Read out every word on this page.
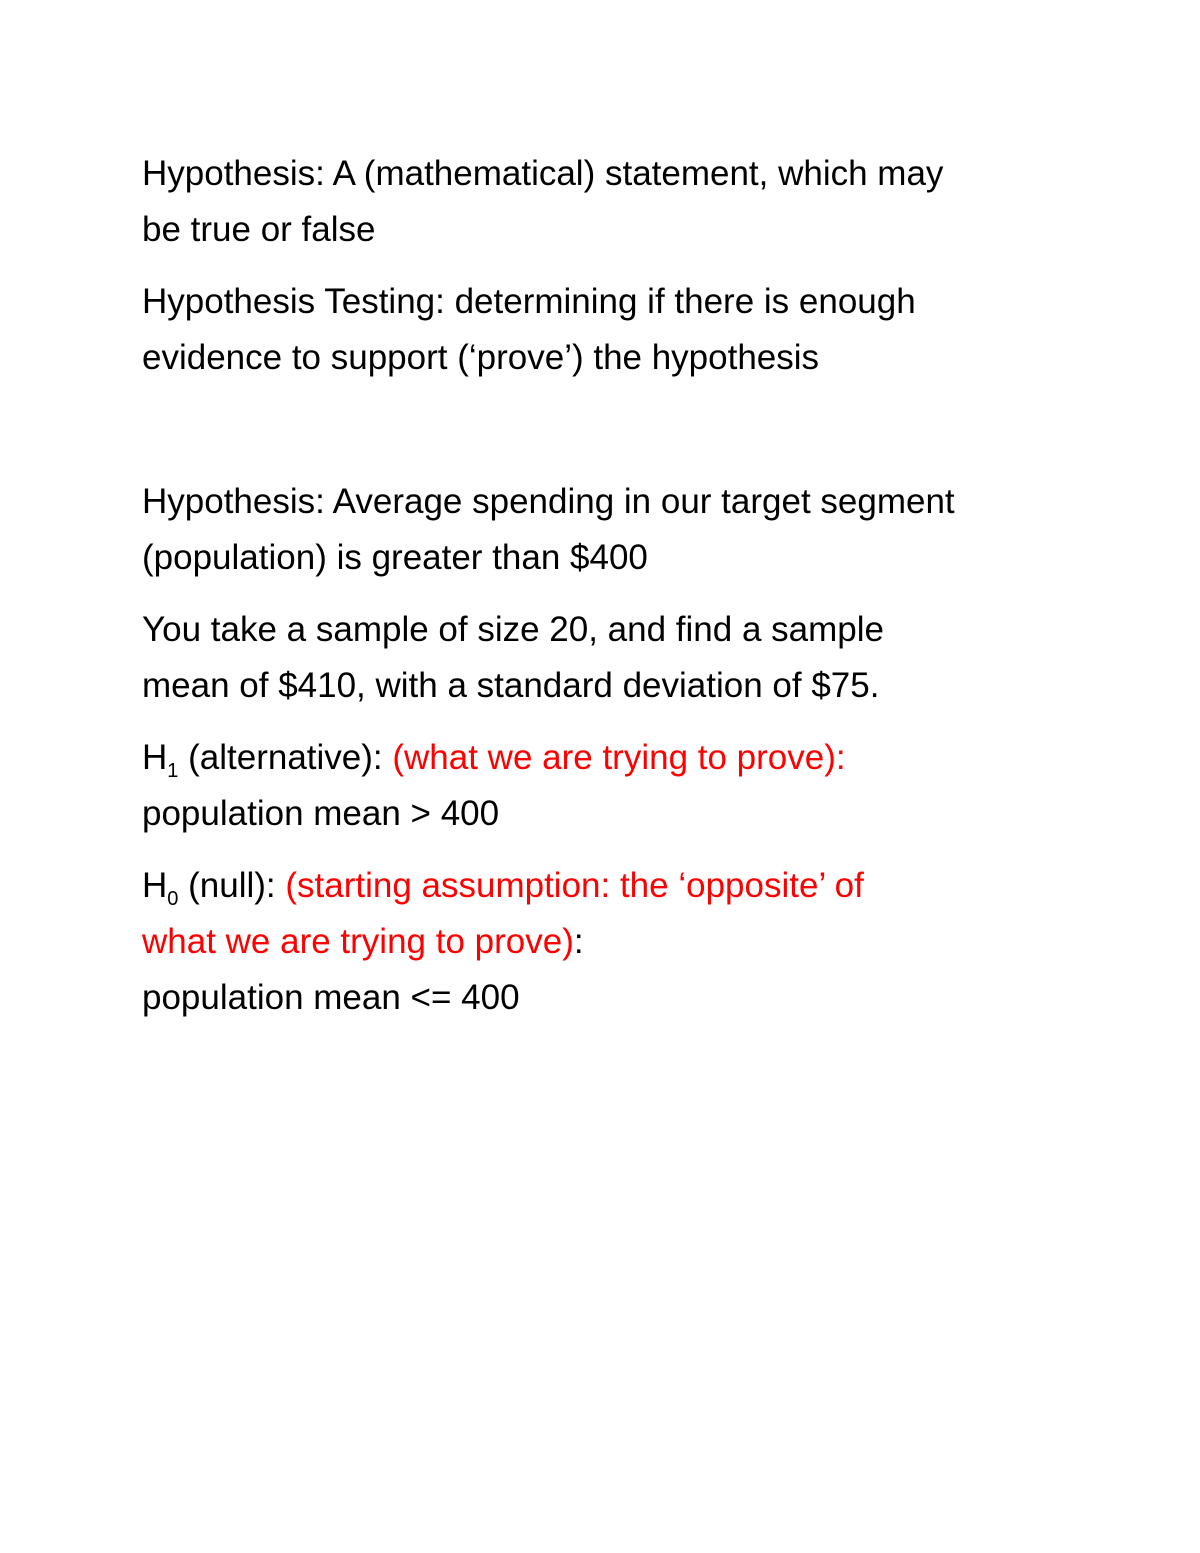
Hypothesis: A (mathematical) statement, which may
be true or false

Hypothesis Testing: determining if there is enough
evidence to support (‘prove’) the hypothesis

Hypothesis: Average spending in our target segment
(population) is greater than $400

You take a sample of size 20, and find a sample
mean of $410, with a standard deviation of $75.

$H_1$ (alternative): (what we are trying to prove):
population mean > 400

$H_0$ (null): (starting assumption: the ‘opposite’ of
what we are trying to prove):
population mean <= 400
